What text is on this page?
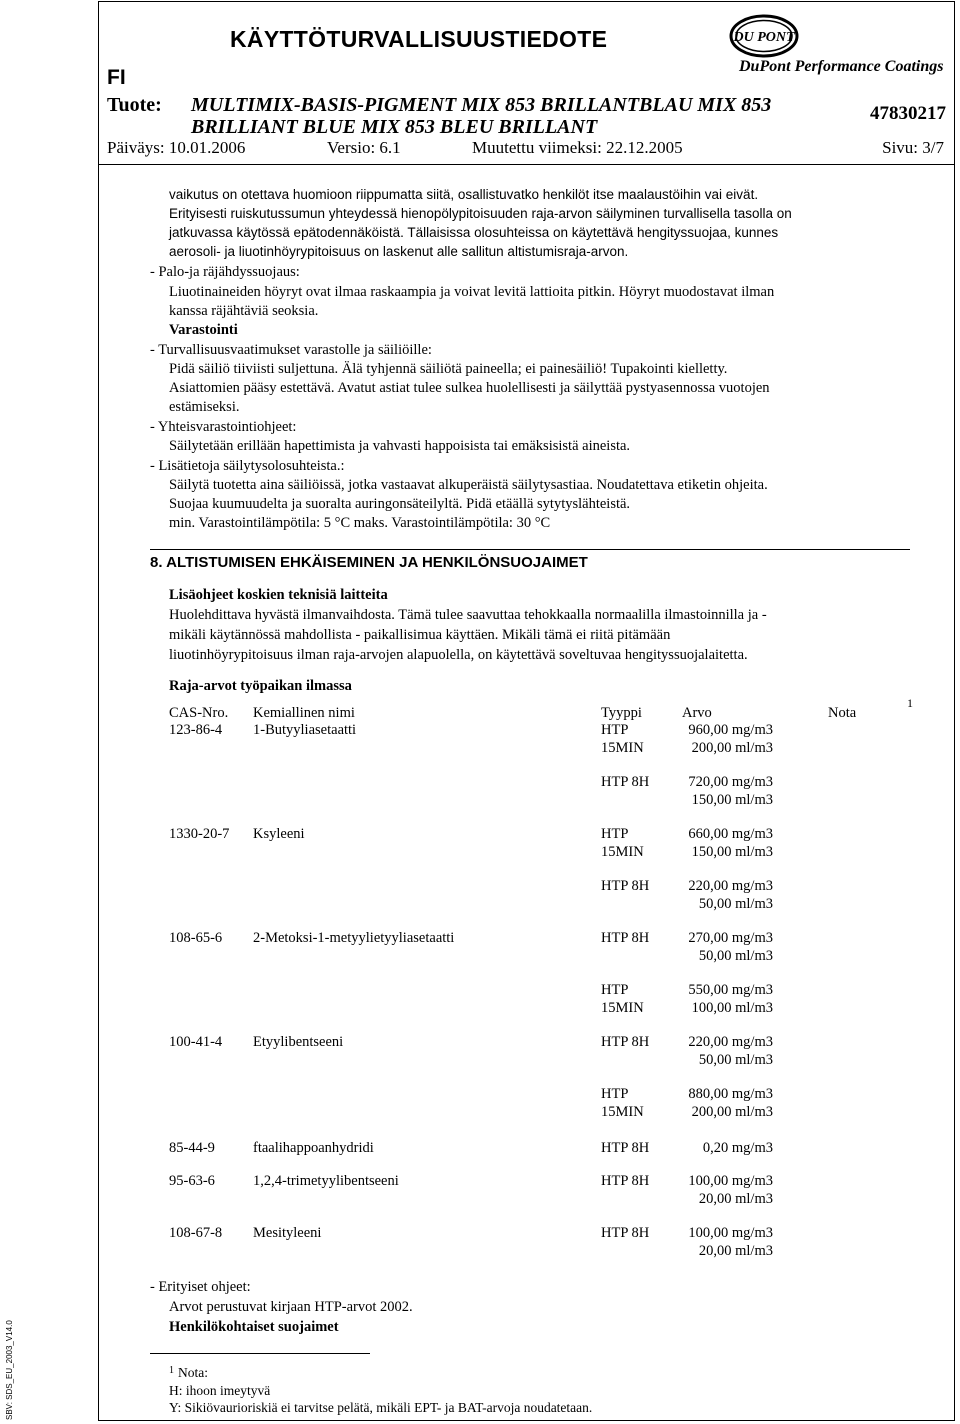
KÄYTTÖTURVALLISUUSTIEDOTE
FI
DU PONT
DuPont Performance Coatings
Tuote: MULTIMIX-BASIS-PIGMENT MIX 853 BRILLANTBLAU MIX 853
BRILLIANT BLUE MIX 853 BLEU BRILLANT
47830217
Päiväys: 10.01.2006	Versio: 6.1	Muutettu viimeksi: 22.12.2005	Sivu: 3/7
vaikutus on otettava huomioon riippumatta siitä, osallistuvatko henkilöt itse maalaustöihin vai eivät.
Erityisesti ruiskutussumun yhteydessä hienopölypitoisuuden raja-arvon säilyminen turvallisella tasolla on
jatkuvassa käytössä epätodennäköistä. Tällaisissa olosuhteissa on käytettävä hengityssuojaa, kunnes
aerosoli- ja liuotinhöyrypitoisuus on laskenut alle sallitun altistumisraja-arvon.
- Palo-ja räjähdyssuojaus:
Liuotinaineiden höyryt ovat ilmaa raskaampia ja voivat levitä lattioita pitkin. Höyryt muodostavat ilman
kanssa räjähtäviä seoksia.
Varastointi
- Turvallisuusvaatimukset varastolle ja säiliöille:
Pidä säiliö tiiviisti suljettuna. Älä tyhjennä säiliötä paineella; ei painesäiliö! Tupakointi kielletty.
Asiattomien pääsy estettävä. Avatut astiat tulee sulkea huolellisesti ja säilyttää pystyasennossa vuotojen
estämiseksi.
- Yhteisvarastointiohjeet:
Säilytetään erillään hapettimista ja vahvasti happoisista tai emäksisistä aineista.
- Lisätietoja säilytysolosuhteista.:
Säilytä tuotetta aina säiliöissä, jotka vastaavat alkuperäistä säilytysastiaa. Noudatettava etiketin ohjeita.
Suojaa kuumuudelta ja suoralta auringonsäteilyltä. Pidä etäällä sytytyslähteistä.
min. Varastointilämpötila: 5 °C maks. Varastointilämpötila: 30 °C
8. ALTISTUMISEN EHKÄISEMINEN JA HENKILÖNSUOJAIMET
Lisäohjeet koskien teknisiä laitteita
Huolehdittava hyvästä ilmanvaihdosta. Tämä tulee saavuttaa tehokkaalla normaalilla ilmastoinnilla ja -
mikäli käytännössä mahdollista - paikallisimua käyttäen. Mikäli tämä ei riitä pitämään
liuotinhöyrypitoisuus ilman raja-arvojen alapuolella, on käytettävä soveltuvaa hengityssuojalaitetta.
Raja-arvot työpaikan ilmassa
1
CAS-Nro. Kemiallinen nimi	Tyyppi	Arvo	Nota
123-86-4 1-Butyyliasetaatti	HTP	960,00 mg/m3
15MIN	200,00 ml/m3
HTP 8H	720,00 mg/m3
150,00 ml/m3
1330-20-7 Ksyleeni	HTP	660,00 mg/m3
15MIN	150,00 ml/m3
HTP 8H	220,00 mg/m3
50,00 ml/m3
108-65-6 2-Metoksi-1-metyylietyyliasetaatti	HTP 8H	270,00 mg/m3
50,00 ml/m3
HTP	550,00 mg/m3
15MIN	100,00 ml/m3
100-41-4 Etyylibentseeni	HTP 8H	220,00 mg/m3
50,00 ml/m3
HTP	880,00 mg/m3
15MIN	200,00 ml/m3
85-44-9	ftaalihappoanhydridi	HTP 8H	0,20 mg/m3
95-63-6	1,2,4-trimetyylibentseeni	HTP 8H	100,00 mg/m3
20,00 ml/m3
108-67-8 Mesityleeni	HTP 8H	100,00 mg/m3
20,00 ml/m3
- Erityiset ohjeet:
Arvot perustuvat kirjaan HTP-arvot 2002.
Henkilökohtaiset suojaimet
1 Nota:
H: ihoon imeytyvä
Y: Sikiövaurioriskiä ei tarvitse pelätä, mikäli EPT- ja BAT-arvoja noudatetaan.
SBV: SDS_EU_2003_V14.0
